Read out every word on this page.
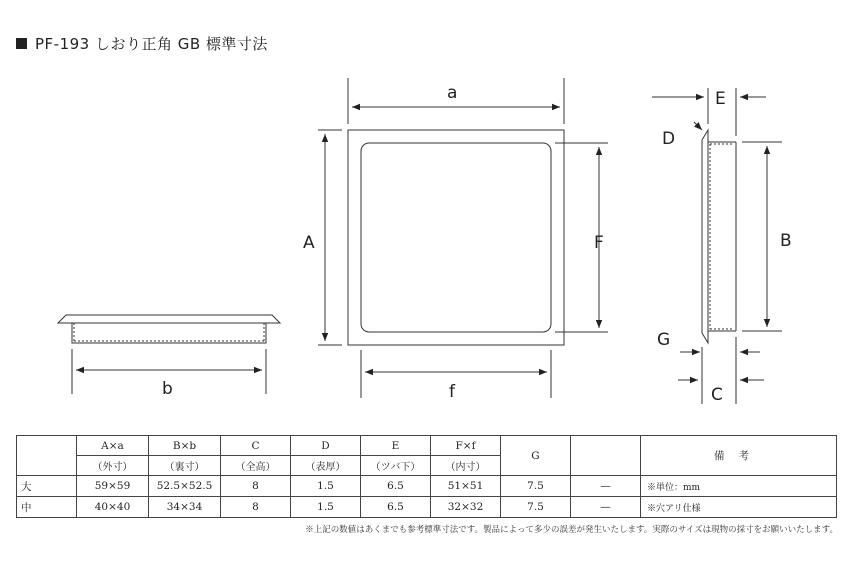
PF-193 しおり正角 GB 標準寸法
a
A
b	f
F
E
D
B
G
C
	A×a	B×b	C	D	E	F×f	G		備考
	（外寸）	（裏寸）	（全高）	（表厚）	（ツバ下）	（内寸）			
大	59×59	52.5×52.5	8	1.5	6.5	51×51	7.5	—	※単位：mm
中	40×40	34×34	8	1.5	6.5	32×32	7.5	—	※穴アリ仕様
※上記の数値はあくまでも参考標準寸法です。製品によって多少の誤差が発生いたします。実際のサイズは現物の採寸をお願いいたします。
